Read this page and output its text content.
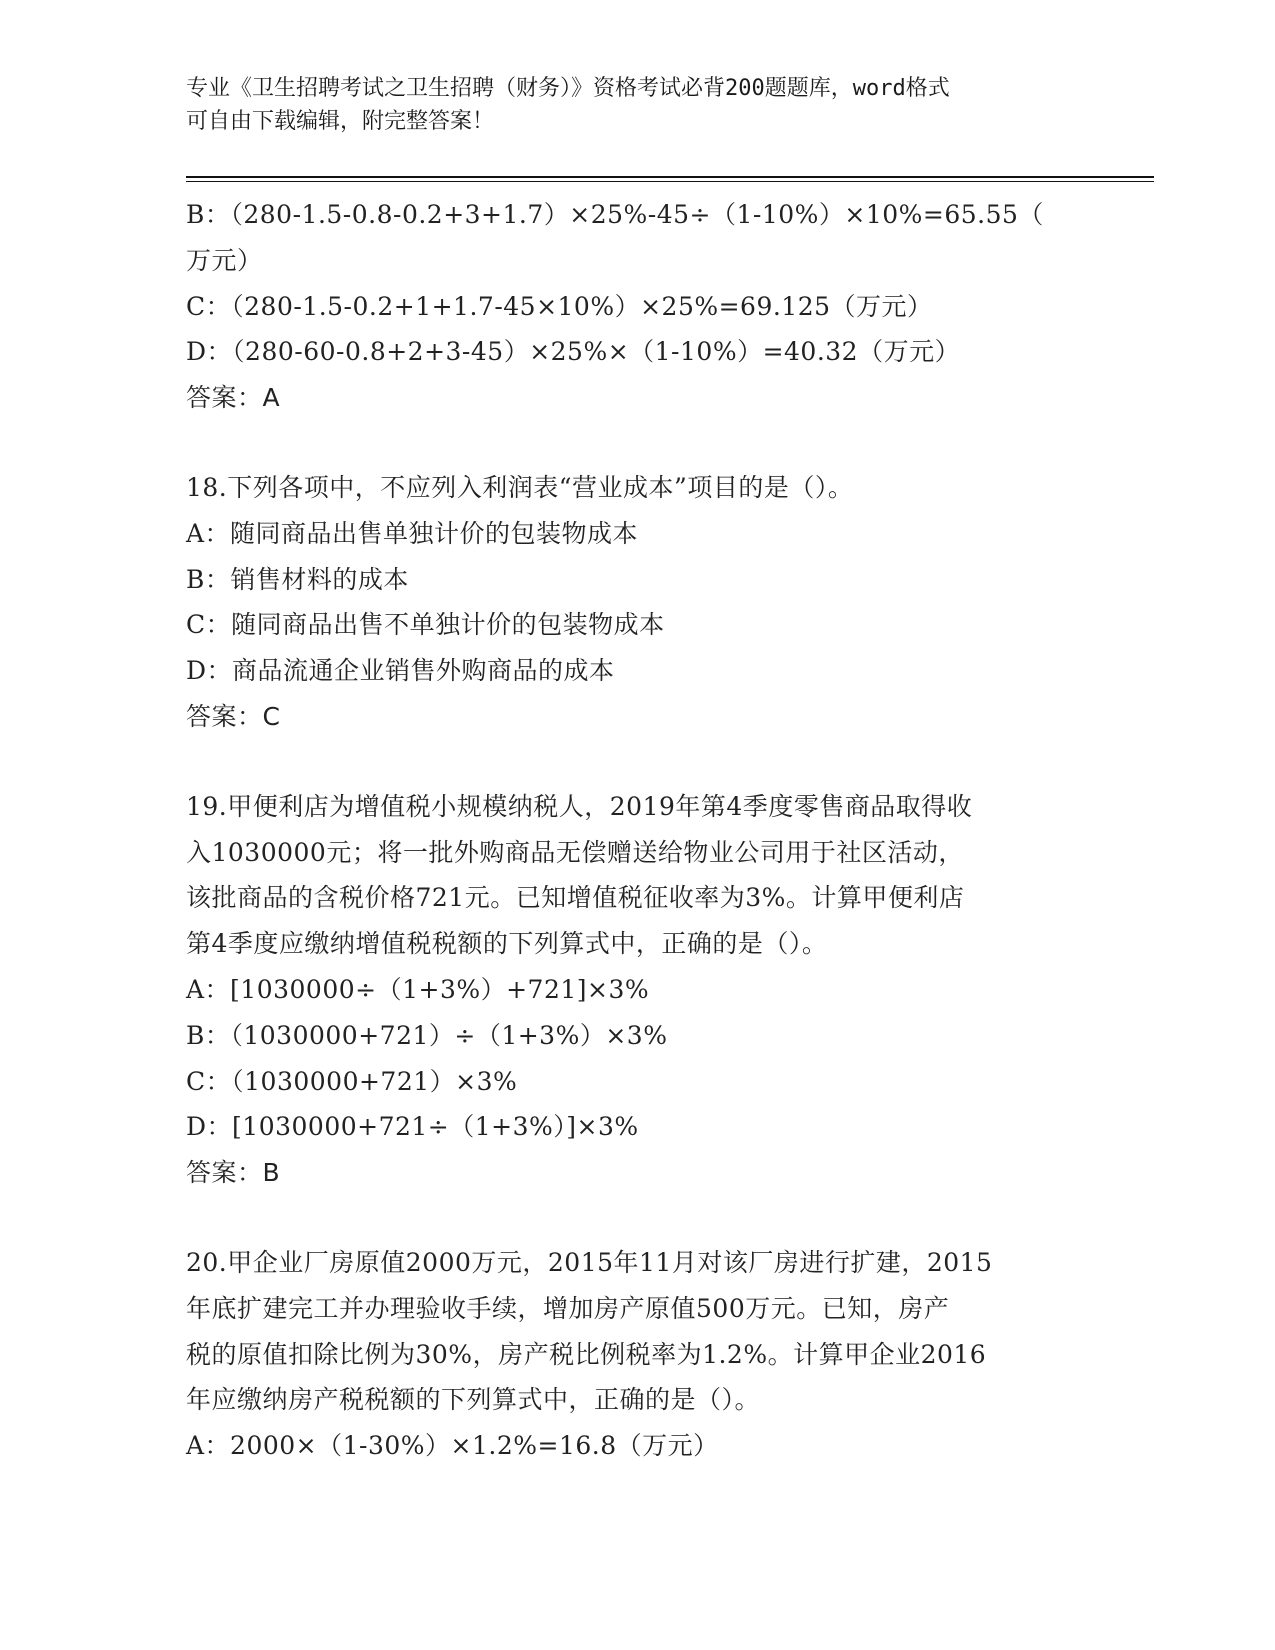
专业《卫生招聘考试之卫生招聘（财务）》资格考试必背200题题库，word格式
可自由下载编辑，附完整答案！
B：（280-1.5-0.8-0.2+3+1.7）×25%-45÷（1-10%）×10%=65.55（
万元）
C：（280-1.5-0.2+1+1.7-45×10%）×25%=69.125（万元）
D：（280-60-0.8+2+3-45）×25%×（1-10%）=40.32（万元）
答案：A
18.下列各项中，不应列入利润表“营业成本”项目的是（）。
A：随同商品出售单独计价的包装物成本
B：销售材料的成本
C：随同商品出售不单独计价的包装物成本
D：商品流通企业销售外购商品的成本
答案：C
19.甲便利店为增值税小规模纳税人，2019年第4季度零售商品取得收
入1030000元；将一批外购商品无偿赠送给物业公司用于社区活动，
该批商品的含税价格721元。已知增值税征收率为3%。计算甲便利店
第4季度应缴纳增值税税额的下列算式中，正确的是（）。
A：[1030000÷（1+3%）+721]×3%
B：（1030000+721）÷（1+3%）×3%
C：（1030000+721）×3%
D：[1030000+721÷（1+3%）]×3%
答案：B
20.甲企业厂房原值2000万元，2015年11月对该厂房进行扩建，2015
年底扩建完工并办理验收手续，增加房产原值500万元。已知，房产
税的原值扣除比例为30%，房产税比例税率为1.2%。计算甲企业2016
年应缴纳房产税税额的下列算式中，正确的是（）。
A：2000×（1-30%）×1.2%=16.8（万元）
